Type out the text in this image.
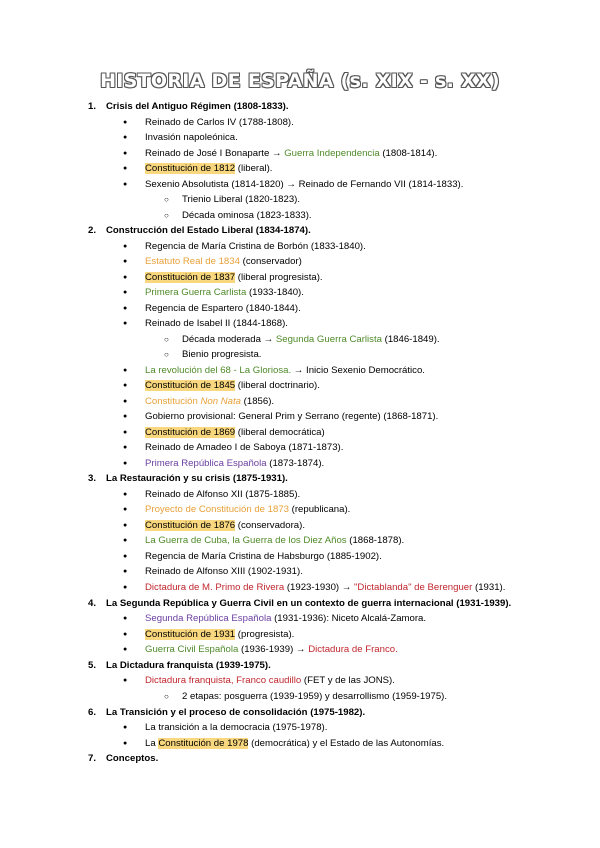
HISTORIA DE ESPAÑA (s. XIX - s. XX)
1. Crisis del Antiguo Régimen (1808-1833).
● Reinado de Carlos IV (1788-1808).
● Invasión napoleónica.
● Reinado de José I Bonaparte → Guerra Independencia (1808-1814).
● Constitución de 1812 (liberal).
● Sexenio Absolutista (1814-1820) → Reinado de Fernando VII (1814-1833).
○ Trienio Liberal (1820-1823).
○ Década ominosa (1823-1833).
2. Construcción del Estado Liberal (1834-1874).
● Regencia de María Cristina de Borbón (1833-1840).
● Estatuto Real de 1834 (conservador)
● Constitución de 1837 (liberal progresista).
● Primera Guerra Carlista (1933-1840).
● Regencia de Espartero (1840-1844).
● Reinado de Isabel II (1844-1868).
○ Década moderada → Segunda Guerra Carlista (1846-1849).
○ Bienio progresista.
● La revolución del 68 - La Gloriosa. → Inicio Sexenio Democrático.
● Constitución de 1845 (liberal doctrinario).
● Constitución Non Nata (1856).
● Gobierno provisional: General Prim y Serrano (regente) (1868-1871).
● Constitución de 1869 (liberal democrática)
● Reinado de Amadeo I de Saboya (1871-1873).
● Primera República Española (1873-1874).
3. La Restauración y su crisis (1875-1931).
● Reinado de Alfonso XII (1875-1885).
● Proyecto de Constitución de 1873 (republicana).
● Constitución de 1876 (conservadora).
● La Guerra de Cuba, la Guerra de los Diez Años (1868-1878).
● Regencia de María Cristina de Habsburgo (1885-1902).
● Reinado de Alfonso XIII (1902-1931).
● Dictadura de M. Primo de Rivera (1923-1930) → "Dictablanda" de Berenguer (1931).
4. La Segunda República y Guerra Civil en un contexto de guerra internacional (1931-1939).
● Segunda República Española (1931-1936): Niceto Alcalá-Zamora.
● Constitución de 1931 (progresista).
● Guerra Civil Española (1936-1939) → Dictadura de Franco.
5. La Dictadura franquista (1939-1975).
● Dictadura franquista, Franco caudillo (FET y de las JONS).
○ 2 etapas: posguerra (1939-1959) y desarrollismo (1959-1975).
6. La Transición y el proceso de consolidación (1975-1982).
● La transición a la democracia (1975-1978).
● La Constitución de 1978 (democrática) y el Estado de las Autonomías.
7. Conceptos.
